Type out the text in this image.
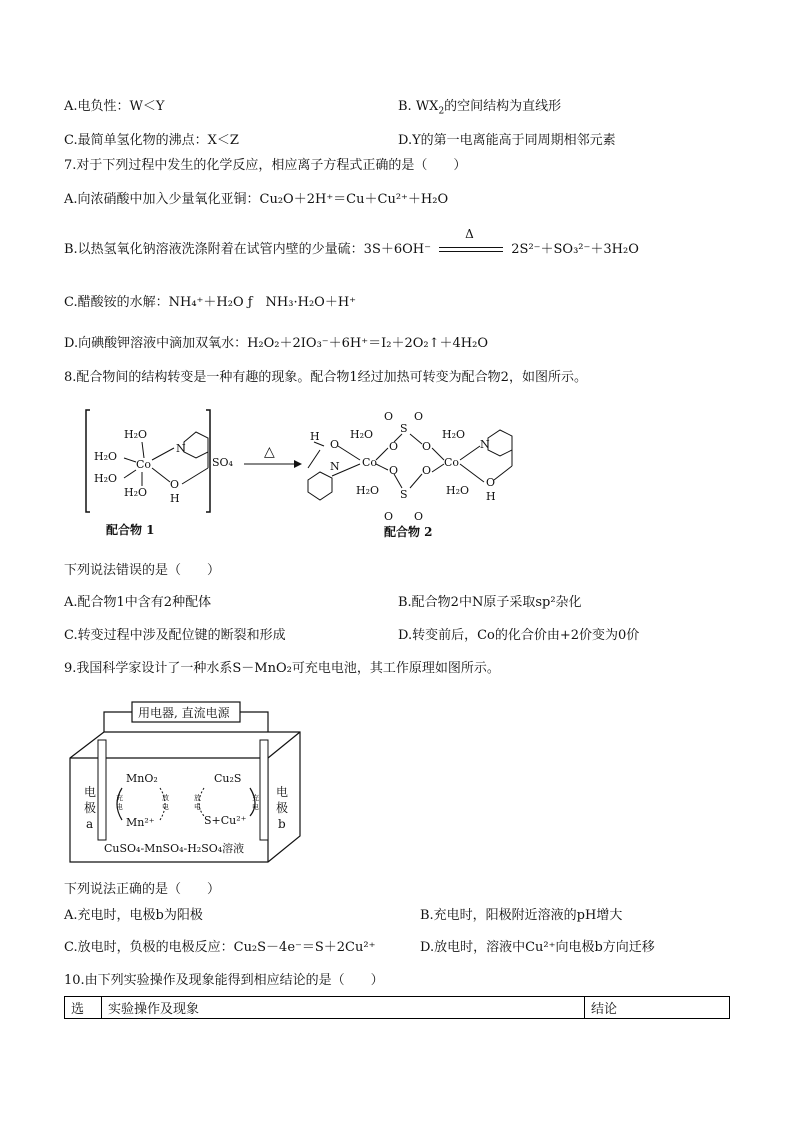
A.电负性：W＜Y	B. $WX_2$的空间结构为直线形
C.最简单氢化物的沸点：X＜Z	D.Y的第一电离能高于同周期相邻元素
7.对于下列过程中发生的化学反应，相应离子方程式正确的是（　　）
A.向浓硝酸中加入少量氧化亚铜：Cu₂O＋2H⁺＝Cu＋Cu²⁺＋H₂O
B.以热氢氧化钠溶液洗涤附着在试管内壁的少量硫：3S＋6OH⁻
Δ
2S²⁻＋SO₃²⁻＋3H₂O
C.醋酸铵的水解：NH₄⁺＋H₂O ƒ　NH₃·H₂O＋H⁺
D.向碘酸钾溶液中滴加双氧水：H₂O₂＋2IO₃⁻＋6H⁺＝I₂＋2O₂↑＋4H₂O
8.配合物间的结构转变是一种有趣的现象。配合物1经过加热可转变为配合物2，如图所示。
SO₄
H₂O
H₂O
H₂O
H₂O
Co
O
H
N	△
H
O
H₂O
Co
N
H₂O
O
O
S
S
O O
O O
O
O
Co
H₂O
H₂O
N
O
H
配合物 1	配合物 2
下列说法错误的是（　　）
A.配合物1中含有2种配体	B.配合物2中N原子采取sp²杂化
C.转变过程中涉及配位键的断裂和形成	D.转变前后，Co的化合价由+2价变为0价
9.我国科学家设计了一种水系S－MnO₂可充电电池，其工作原理如图所示。
用电器, 直流电源
电
极
a
电
极
b
MnO₂
Mn²⁺
充
电
放
电
Cu₂S
S+Cu²⁺
放
电
充
电
CuSO₄-MnSO₄-H₂SO₄溶液
下列说法正确的是（　　）
A.充电时，电极b为阳极	B.充电时，阳极附近溶液的pH增大
C.放电时，负极的电极反应：Cu₂S－4e⁻＝S＋2Cu²⁺	D.放电时，溶液中Cu²⁺向电极b方向迁移
10.由下列实验操作及现象能得到相应结论的是（　　）
选	实验操作及现象	结论
